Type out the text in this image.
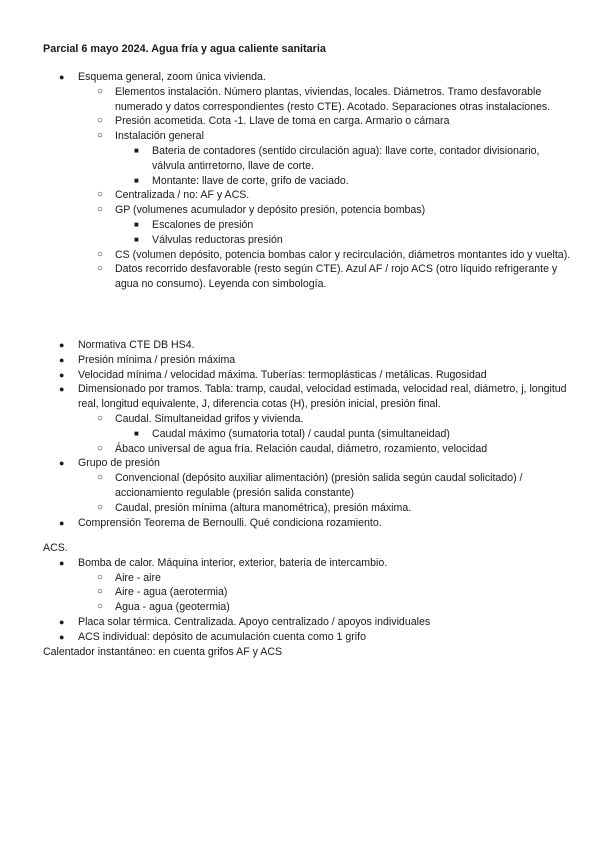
Parcial 6 mayo 2024. Agua fría y agua caliente sanitaria
● Esquema general, zoom única vivienda.
○ Elementos instalación. Número plantas, viviendas, locales. Diámetros. Tramo desfavorable numerado y datos correspondientes (resto CTE). Acotado. Separaciones otras instalaciones.
○ Presión acometida. Cota -1. Llave de toma en carga. Armario o cámara
○ Instalación general
■ Bateria de contadores (sentido circulación agua): llave corte, contador divisionario, válvula antirretorno, llave de corte.
■ Montante: llave de corte, grifo de vaciado.
○ Centralizada / no: AF y ACS.
○ GP (volumenes acumulador y depósito presión, potencia bombas)
■ Escalones de presión
■ Válvulas reductoras presión
○ CS (volumen depósito, potencia bombas calor y recirculación, diámetros montantes ido y vuelta).
○ Datos recorrido desfavorable (resto según CTE). Azul AF / rojo ACS (otro líquido refrigerante y agua no consumo). Leyenda con simbología.
● Normativa CTE DB HS4.
● Presión mínima / presión máxima
● Velocidad mínima / velocidad máxima. Tuberías: termoplásticas / metálicas. Rugosidad
● Dimensionado por tramos. Tabla: tramp, caudal, velocidad estimada, velocidad real, diámetro, j, longitud real, longitud equivalente, J, diferencia cotas (H), presión inicial, presión final.
○ Caudal. Simultaneidad grifos y vivienda.
■ Caudal máximo (sumatoria total) / caudal punta (simultaneidad)
○ Ábaco universal de agua fría. Relación caudal, diámetro, rozamiento, velocidad
● Grupo de presión
○ Convencional (depósito auxiliar alimentación) (presión salida según caudal solicitado) / accionamiento regulable (presión salida constante)
○ Caudal, presión mínima (altura manométrica), presión máxima.
● Comprensión Teorema de Bernoulli. Qué condiciona rozamiento.
ACS.
● Bomba de calor. Máquina interior, exterior, bateria de intercambio.
○ Aire - aire
○ Aire - agua (aerotermia)
○ Agua - agua (geotermia)
● Placa solar térmica. Centralizada. Apoyo centralizado / apoyos individuales
● ACS individual: depósito de acumulación cuenta como 1 grifo
Calentador instantáneo: en cuenta grifos AF y ACS
